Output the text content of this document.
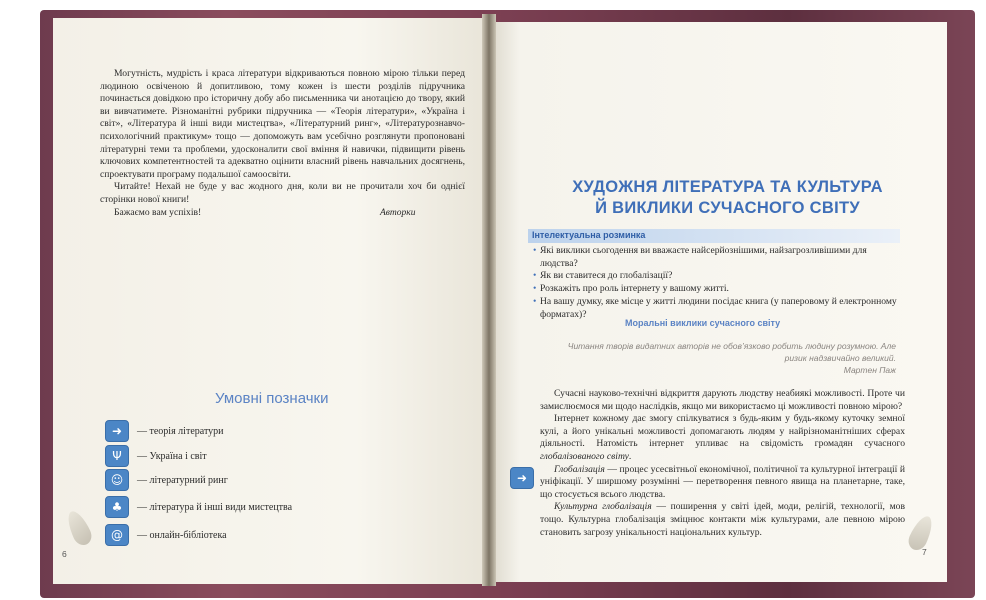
Могутність, мудрість і краса літератури відкриваються повною мірою тільки перед людиною освіченою й допитливою, тому кожен із шести розділів підручника починається довідкою про історичну добу або письменника чи анотацією до твору, який ви вивчатимете. Різноманітні рубрики підручника — «Теорія літератури», «Україна і світ», «Література й інші види мистецтва», «Літературний ринг», «Літературознавчо-психологічний практикум» тощо — допоможуть вам усебічно розглянути пропоновані літературні теми та проблеми, удосконалити свої вміння й навички, підвищити рівень ключових компетентностей та адекватно оцінити власний рівень навчальних досягнень, спроектувати програму подальшої самоосвіти.

Читайте! Нехай не буде у вас жодного дня, коли ви не прочитали хоч би однієї сторінки нової книги!

Бажаємо вам успіхів!	Авторки
Умовні позначки
➜	— теорія літератури
Ψ	— Україна і світ
☺	— літературний ринг
♣	— література й інші види мистецтва
@	— онлайн-бібліотека
6
ХУДОЖНЯ ЛІТЕРАТУРА ТА КУЛЬТУРА
Й ВИКЛИКИ СУЧАСНОГО СВІТУ
Інтелектуальна розминка

• Які виклики сьогодення ви вважаєте найсерйознішими, найзагрозливішими для людства?

• Як ви ставитеся до глобалізації?

• Розкажіть про роль інтернету у вашому житті.

• На вашу думку, яке місце у житті людини посідає книга (у паперовому й електронному форматах)?

Моральні виклики сучасного світу
Читання творів видатних авторів не обов’язково робить людину розумною. Але ризик надзвичайно великий.
Мартен Паж

Сучасні науково-технічні відкриття дарують людству неабиякі можливості. Проте чи замислюємося ми щодо наслідків, якщо ми використаємо ці можливості повною мірою?

Інтернет кожному дає змогу спілкуватися з будь-яким у будь-якому куточку земної кулі, а його унікальні можливості допомагають людям у найрізноманітніших сферах діяльності. Натомість інтернет упливає на свідомість громадян сучасного глобалізованого світу.

Глобалізація — процес усесвітньої економічної, політичної та культурної інтеграції й уніфікації. У ширшому розумінні — перетворення певного явища на планетарне, таке, що стосується всього людства.

Культурна глобалізація — поширення у світі ідей, моди, релігій, технології, мов тощо. Культурна глобалізація зміцнює контакти між культурами, але певною мірою становить загрозу унікальності національних культур.

➜
7
